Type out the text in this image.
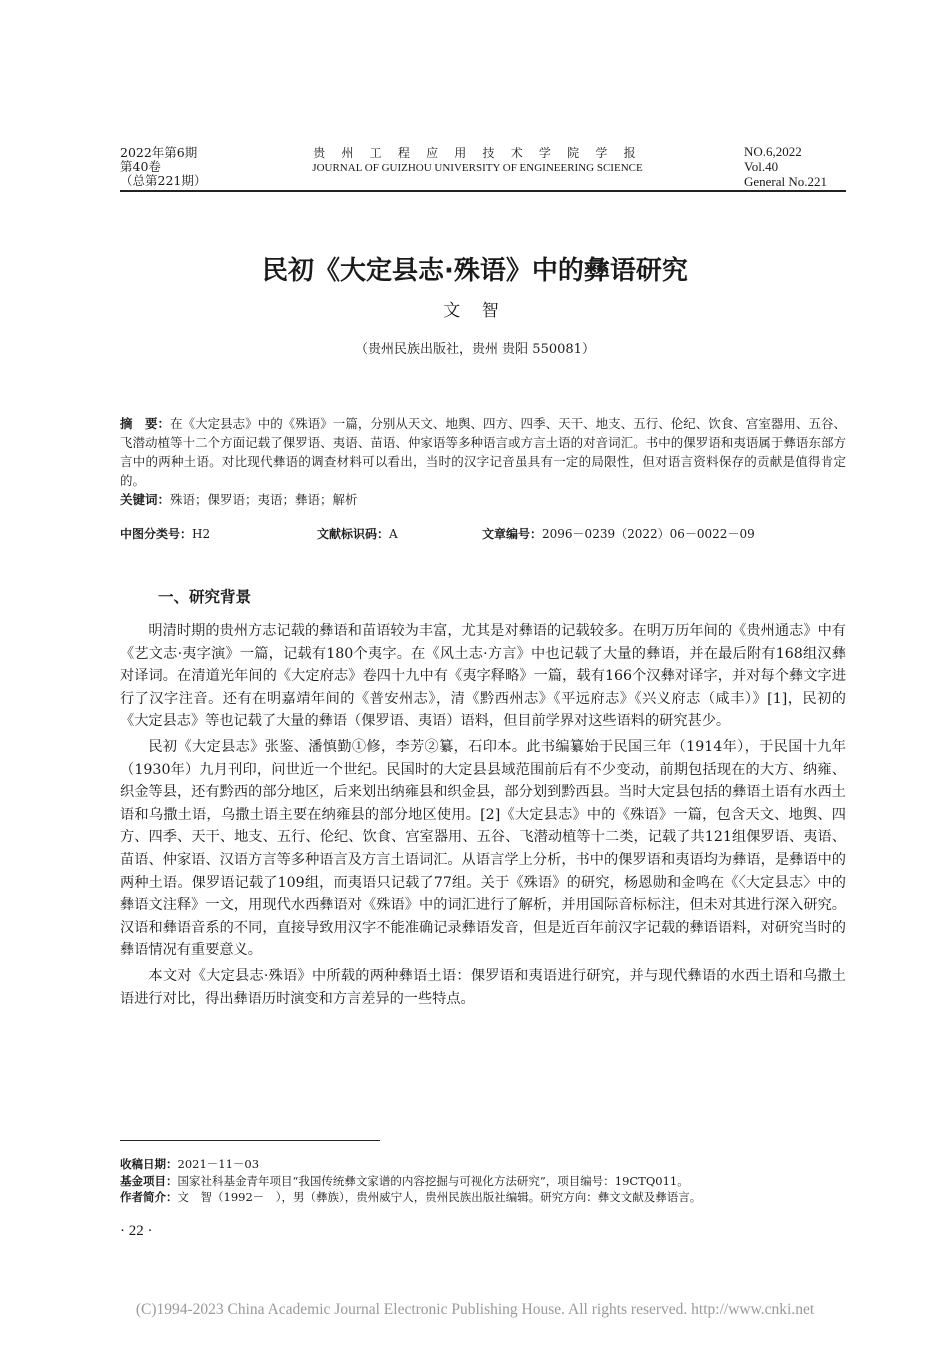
2022年第6期
第40卷
（总第221期）
贵 州 工 程 应 用 技 术 学 院 学 报
JOURNAL OF GUIZHOU UNIVERSITY OF ENGINEERING SCIENCE
NO.6,2022
Vol.40
General No.221
民初《大定县志·殊语》中的彝语研究
文 智
（贵州民族出版社，贵州 贵阳 550081）
摘　要：在《大定县志》中的《殊语》一篇，分别从天文、地舆、四方、四季、天干、地支、五行、伦纪、饮食、宫室器用、五谷、飞潜动植等十二个方面记载了倮罗语、夷语、苗语、仲家语等多种语言或方言土语的对音词汇。书中的倮罗语和夷语属于彝语东部方言中的两种土语。对比现代彝语的调查材料可以看出，当时的汉字记音虽具有一定的局限性，但对语言资料保存的贡献是值得肯定的。
关键词：殊语；倮罗语；夷语；彝语；解析
中图分类号：H2	文献标识码：A	文章编号：2096－0239（2022）06－0022－09
一、研究背景

明清时期的贵州方志记载的彝语和苗语较为丰富，尤其是对彝语的记载较多。在明万历年间的《贵州通志》中有《艺文志·夷字演》一篇，记载有180个夷字。在《风土志·方言》中也记载了大量的彝语，并在最后附有168组汉彝对译词。在清道光年间的《大定府志》卷四十九中有《夷字释略》一篇，载有166个汉彝对译字，并对每个彝文字进行了汉字注音。还有在明嘉靖年间的《普安州志》，清《黔西州志》《平远府志》《兴义府志（咸丰）》[1]，民初的《大定县志》等也记载了大量的彝语（倮罗语、夷语）语料，但目前学界对这些语料的研究甚少。

民初《大定县志》张鉴、潘慎勤①修，李芳②纂，石印本。此书编纂始于民国三年（1914年），于民国十九年（1930年）九月刊印，问世近一个世纪。民国时的大定县县域范围前后有不少变动，前期包括现在的大方、纳雍、织金等县，还有黔西的部分地区，后来划出纳雍县和织金县，部分划到黔西县。当时大定县包括的彝语土语有水西土语和乌撒土语，乌撒土语主要在纳雍县的部分地区使用。[2]《大定县志》中的《殊语》一篇，包含天文、地舆、四方、四季、天干、地支、五行、伦纪、饮食、宫室器用、五谷、飞潜动植等十二类，记载了共121组倮罗语、夷语、苗语、仲家语、汉语方言等多种语言及方言土语词汇。从语言学上分析，书中的倮罗语和夷语均为彝语，是彝语中的两种土语。倮罗语记载了109组，而夷语只记载了77组。关于《殊语》的研究，杨恩勋和金鸣在《〈大定县志〉中的彝语文注释》一文，用现代水西彝语对《殊语》中的词汇进行了解析，并用国际音标标注，但未对其进行深入研究。汉语和彝语音系的不同，直接导致用汉字不能准确记录彝语发音，但是近百年前汉字记载的彝语语料，对研究当时的彝语情况有重要意义。

本文对《大定县志·殊语》中所载的两种彝语土语：倮罗语和夷语进行研究，并与现代彝语的水西土语和乌撒土语进行对比，得出彝语历时演变和方言差异的一些特点。

收稿日期：2021－11－03
基金项目：国家社科基金青年项目“我国传统彝文家谱的内容挖掘与可视化方法研究”，项目编号：19CTQ011。
作者简介：文　智（1992－　），男（彝族），贵州威宁人，贵州民族出版社编辑。研究方向：彝文文献及彝语言。
· 22 ·
(C)1994-2023 China Academic Journal Electronic Publishing House. All rights reserved. http://www.cnki.net
